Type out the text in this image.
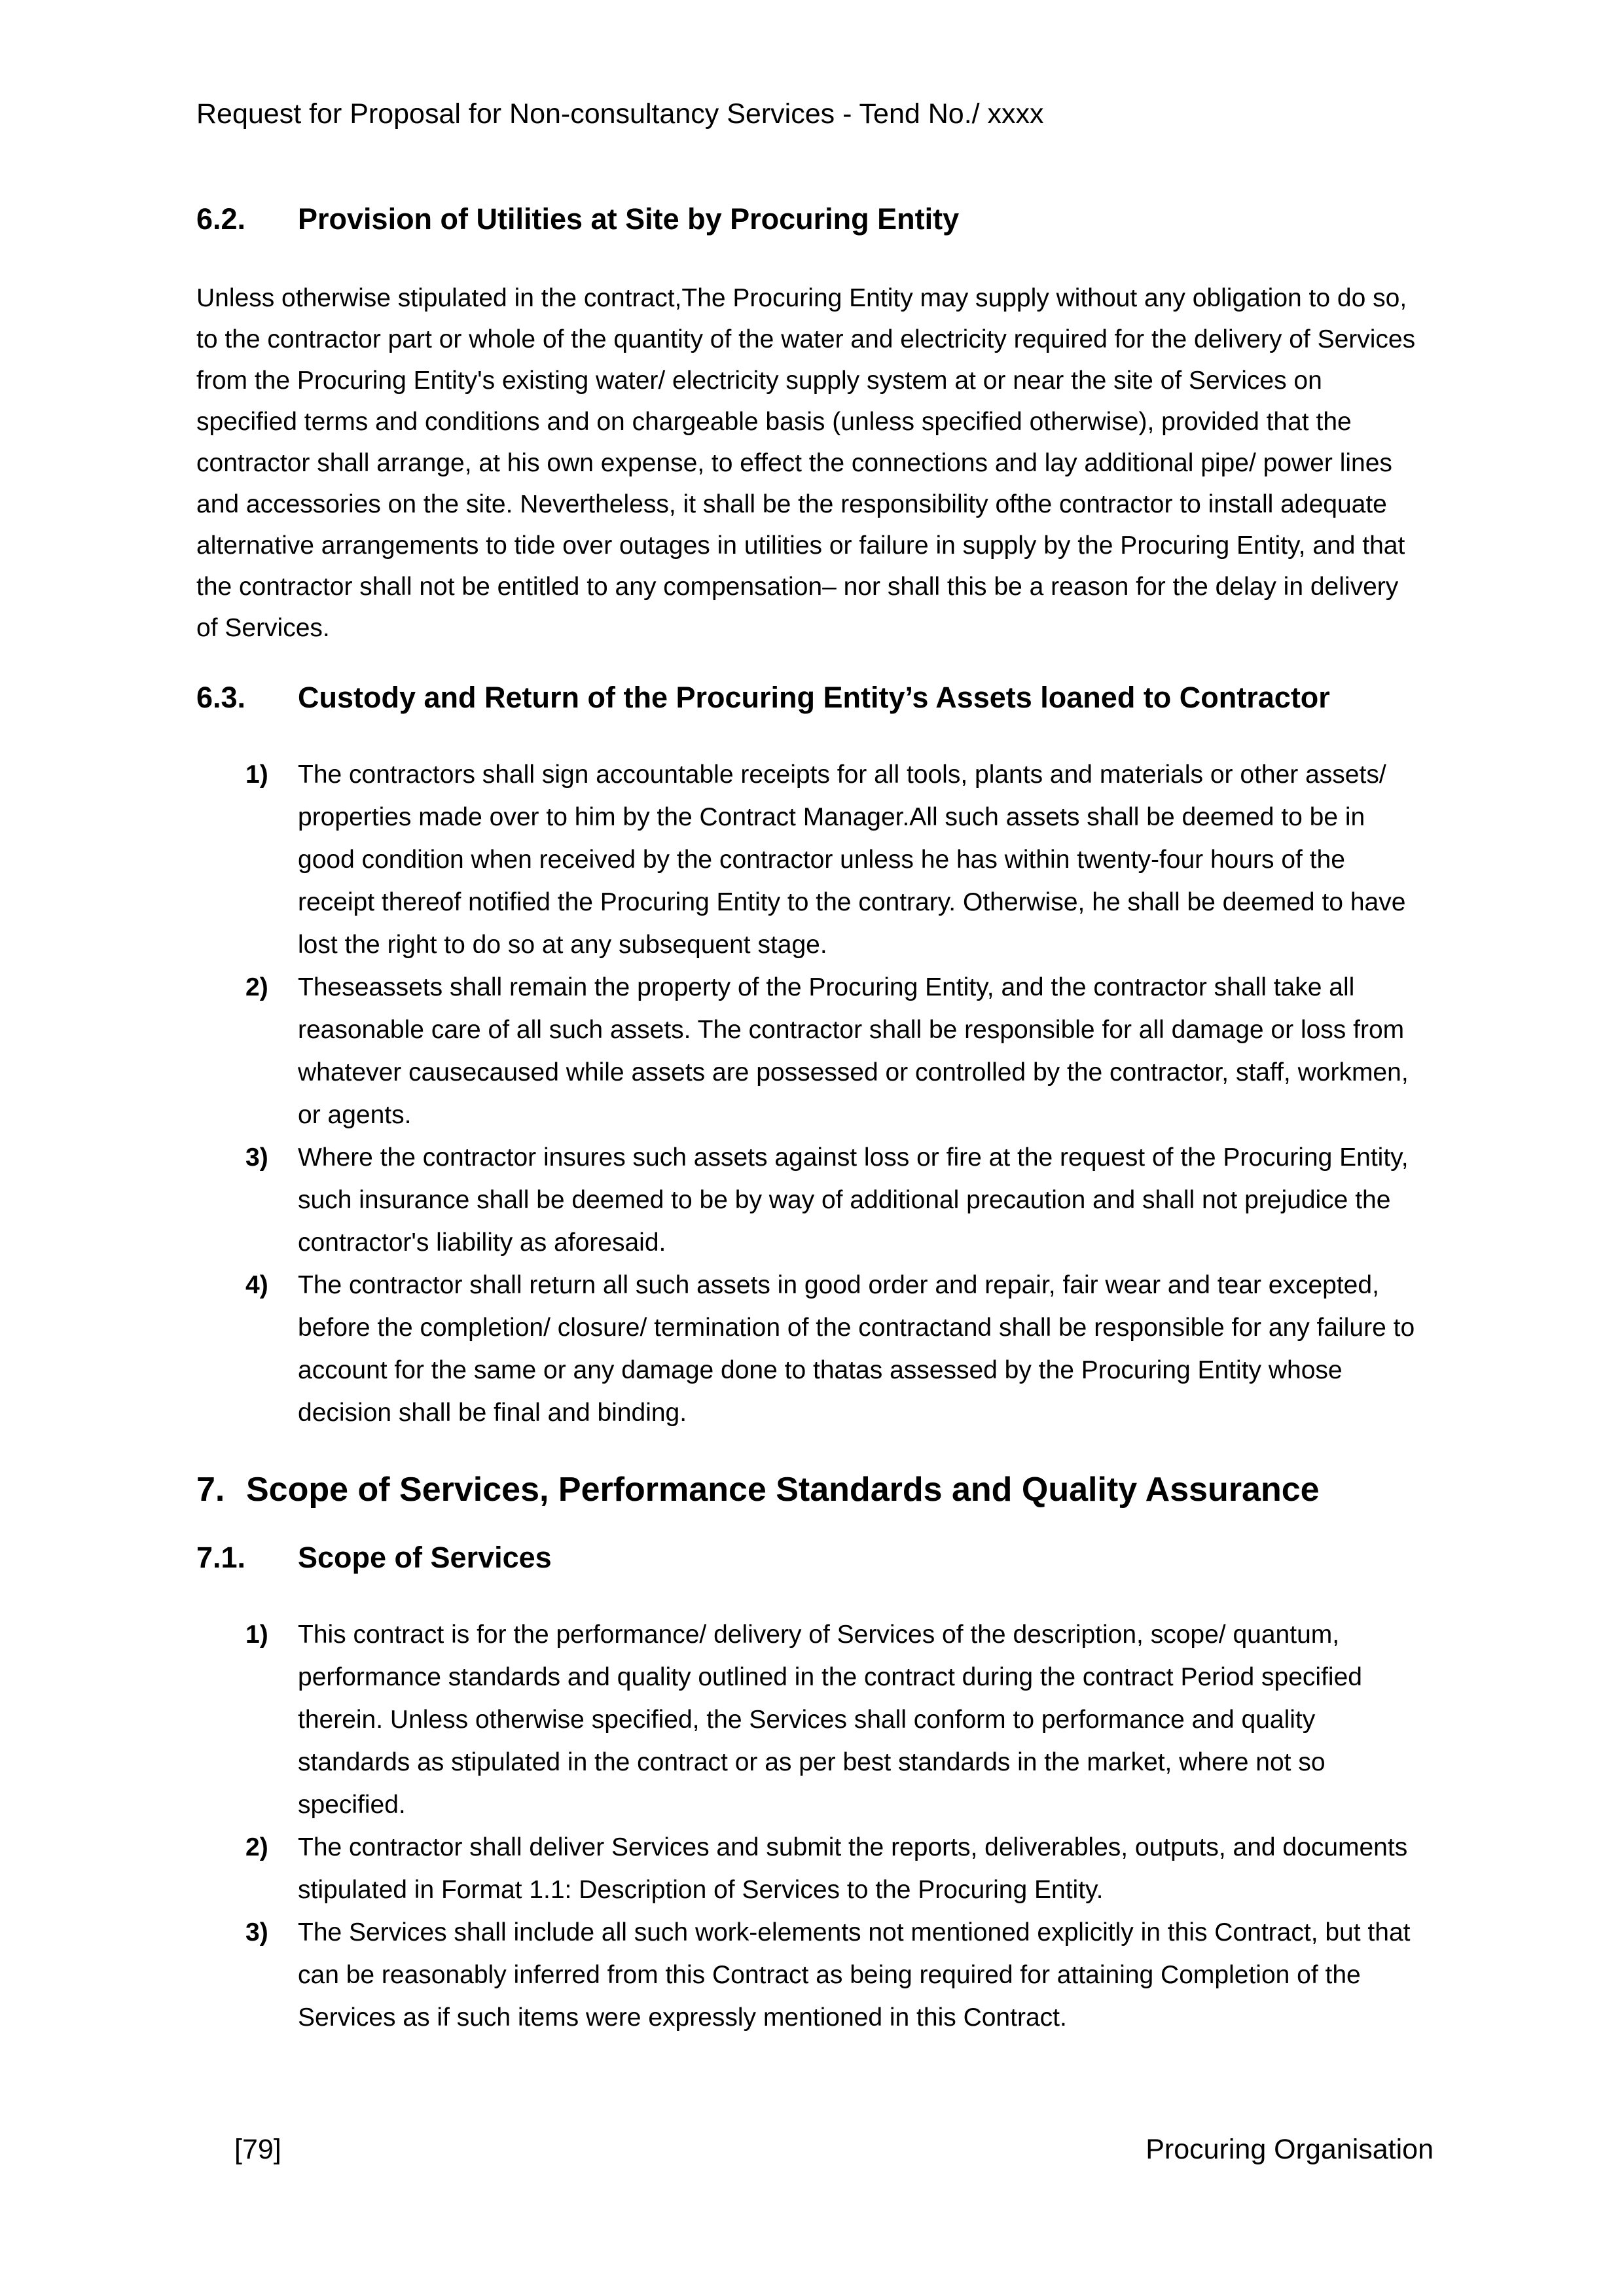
Request for Proposal for Non-consultancy Services - Tend No./ xxxx
6.2.	Provision of Utilities at Site by Procuring Entity

Unless otherwise stipulated in the contract,The Procuring Entity may supply without any obligation to do so, to the contractor part or whole of the quantity of the water and electricity required for the delivery of Services from the Procuring Entity's existing water/ electricity supply system at or near the site of Services on specified terms and conditions and on chargeable basis (unless specified otherwise), provided that the contractor shall arrange, at his own expense, to effect the connections and lay additional pipe/ power lines and accessories on the site. Nevertheless, it shall be the responsibility ofthe contractor to install adequate alternative arrangements to tide over outages in utilities or failure in supply by the Procuring Entity, and that the contractor shall not be entitled to any compensation– nor shall this be a reason for the delay in delivery of Services.

6.3.	Custody and Return of the Procuring Entity’s Assets loaned to Contractor
1)	The contractors shall sign accountable receipts for all tools, plants and materials or other assets/ properties made over to him by the Contract Manager.All such assets shall be deemed to be in good condition when received by the contractor unless he has within twenty-four hours of the receipt thereof notified the Procuring Entity to the contrary. Otherwise, he shall be deemed to have lost the right to do so at any subsequent stage.
2)	Theseassets shall remain the property of the Procuring Entity, and the contractor shall take all reasonable care of all such assets. The contractor shall be responsible for all damage or loss from whatever causecaused while assets are possessed or controlled by the contractor, staff, workmen, or agents.
3)	Where the contractor insures such assets against loss or fire at the request of the Procuring Entity, such insurance shall be deemed to be by way of additional precaution and shall not prejudice the contractor's liability as aforesaid.
4)	The contractor shall return all such assets in good order and repair, fair wear and tear excepted, before the completion/ closure/ termination of the contractand shall be responsible for any failure to account for the same or any damage done to thatas assessed by the Procuring Entity whose decision shall be final and binding.
7. Scope of Services, Performance Standards and Quality Assurance
7.1.	Scope of Services
1)	This contract is for the performance/ delivery of Services of the description, scope/ quantum, performance standards and quality outlined in the contract during the contract Period specified therein. Unless otherwise specified, the Services shall conform to performance and quality standards as stipulated in the contract or as per best standards in the market, where not so specified.
2)	The contractor shall deliver Services and submit the reports, deliverables, outputs, and documents stipulated in Format 1.1: Description of Services to the Procuring Entity.
3)	The Services shall include all such work-elements not mentioned explicitly in this Contract, but that can be reasonably inferred from this Contract as being required for attaining Completion of the Services as if such items were expressly mentioned in this Contract.
[79]	Procuring Organisation
